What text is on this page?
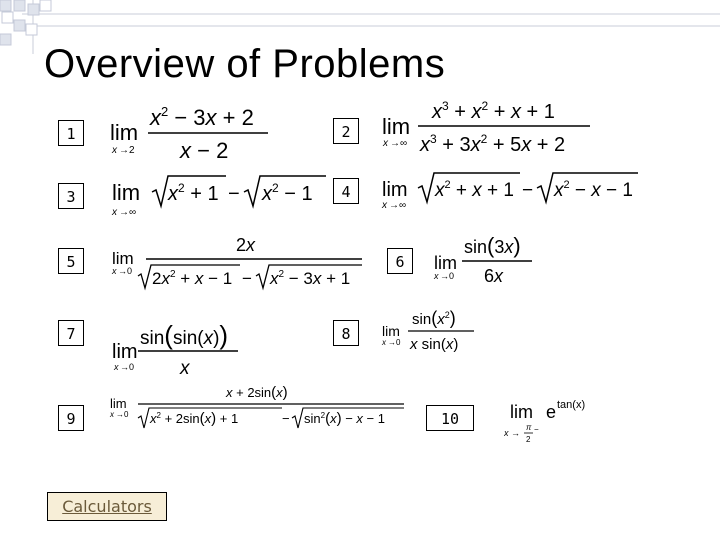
Overview of Problems
1	2
3	4
5	6
7	8
9	10
lim
x →2
$x^2 - 3x + 2$
x − 2
lim
x →∞
$x^3 + x^2 + x + 1$
$x^3 + 3x^2 + 5x + 2$
lim
x →∞
$x^2 + 1 - x^2 - 1$	lim
x →∞
$x^2 + x + 1 - x^2 - x - 1$
lim
x →0
2x
$2x^2 + x - 1 - x^2 - 3x + 1$
lim
x →0
sin(3x)
6x
lim
x →0
sin(sin(x))
x
lim
x →0
$\sin(x^2)$
x sin(x)
lim
x →0
x + 2sin(x)
$x^2 + 2\sin(x) + 1$	− $\sin^2(x) - x - 1$	lim e tan(x)
x →
π
2
−
Calculators
